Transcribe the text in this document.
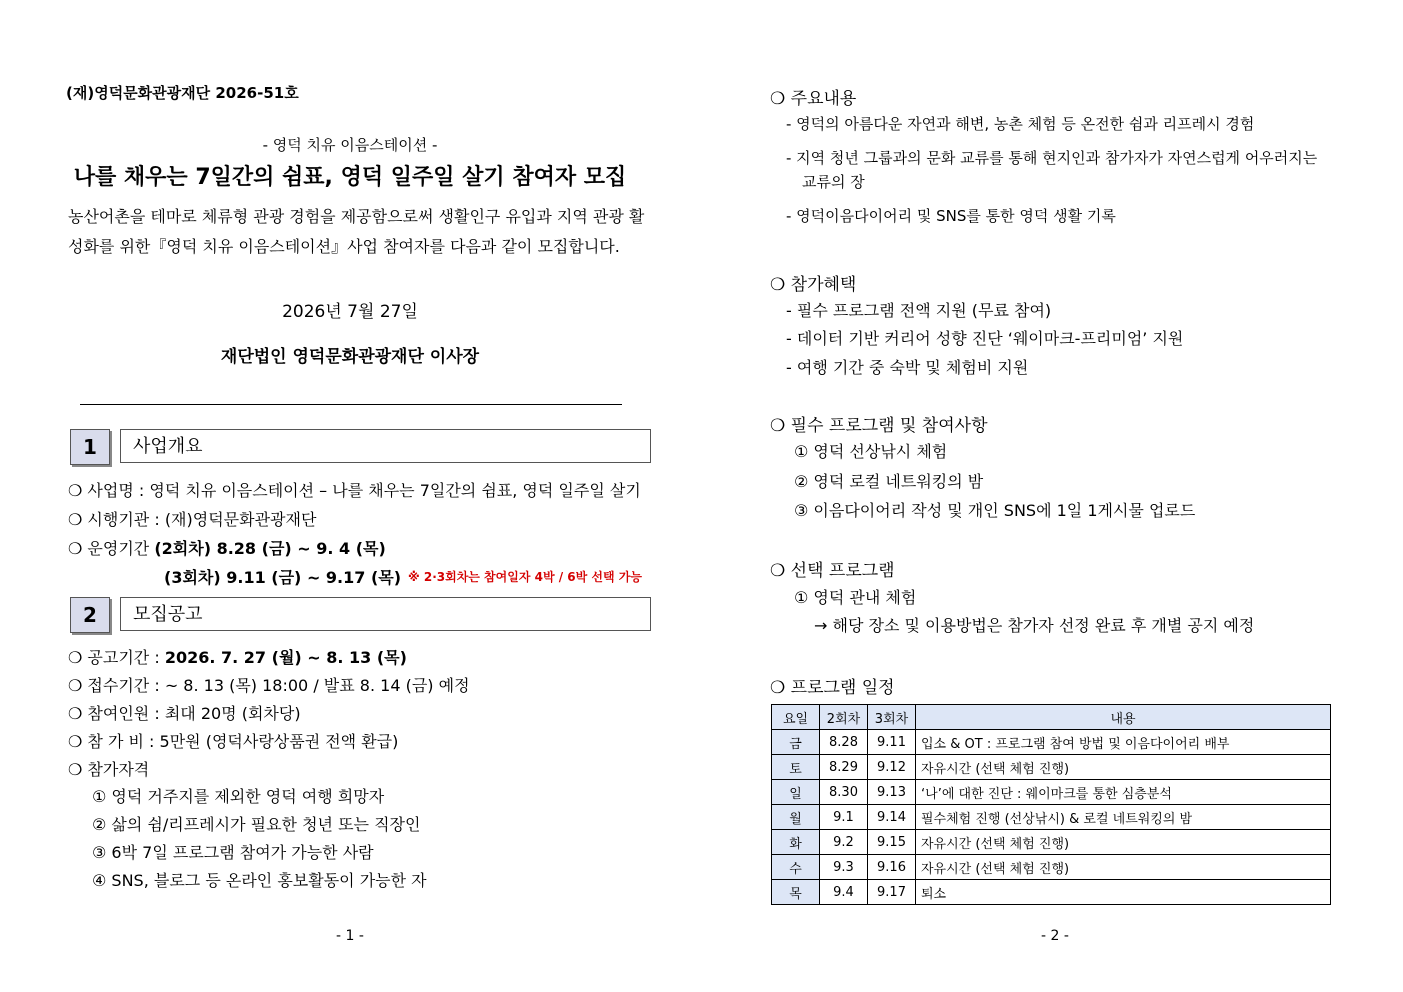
(재)영덕문화관광재단 2026-51호
- 영덕 치유 이음스테이션 -
나를 채우는 7일간의 쉼표, 영덕 일주일 살기 참여자 모집
농산어촌을 테마로 체류형 관광 경험을 제공함으로써 생활인구 유입과 지역 관광 활
성화를 위한『영덕 치유 이음스테이션』사업 참여자를 다음과 같이 모집합니다.
2026년 7월 27일
재단법인 영덕문화관광재단 이사장
1	사업개요
❍ 사업명 : 영덕 치유 이음스테이션 – 나를 채우는 7일간의 쉼표, 영덕 일주일 살기
❍ 시행기관 : (재)영덕문화관광재단
❍ 운영기간 (2회차) 8.28 (금) ~ 9. 4 (목)
(3회차) 9.11 (금) ~ 9.17 (목) ※ 2·3회차는 참여일자 4박 / 6박 선택 가능
2	모집공고
❍ 공고기간 : 2026. 7. 27 (월) ~ 8. 13 (목)
❍ 접수기간 : ~ 8. 13 (목) 18:00 / 발표 8. 14 (금) 예정
❍ 참여인원 : 최대 20명 (회차당)
❍ 참 가 비 : 5만원 (영덕사랑상품권 전액 환급)
❍ 참가자격
① 영덕 거주지를 제외한 영덕 여행 희망자
② 삶의 쉼/리프레시가 필요한 청년 또는 직장인
③ 6박 7일 프로그램 참여가 가능한 사람
④ SNS, 블로그 등 온라인 홍보활동이 가능한 자
- 1 -
❍ 주요내용
- 영덕의 아름다운 자연과 해변, 농촌 체험 등 온전한 쉼과 리프레시 경험
- 지역 청년 그룹과의 문화 교류를 통해 현지인과 참가자가 자연스럽게 어우러지는
교류의 장
- 영덕이음다이어리 및 SNS를 통한 영덕 생활 기록
❍ 참가혜택
- 필수 프로그램 전액 지원 (무료 참여)
- 데이터 기반 커리어 성향 진단 ‘웨이마크-프리미엄’ 지원
- 여행 기간 중 숙박 및 체험비 지원
❍ 필수 프로그램 및 참여사항
① 영덕 선상낚시 체험
② 영덕 로컬 네트워킹의 밤
③ 이음다이어리 작성 및 개인 SNS에 1일 1게시물 업로드
❍ 선택 프로그램
① 영덕 관내 체험
→ 해당 장소 및 이용방법은 참가자 선정 완료 후 개별 공지 예정
❍ 프로그램 일정
요일	2회차	3회차	내용
금	8.28	9.11	입소 & OT : 프로그램 참여 방법 및 이음다이어리 배부
토	8.29	9.12	자유시간 (선택 체험 진행)
일	8.30	9.13	‘나’에 대한 진단 : 웨이마크를 통한 심층분석
월	9.1	9.14	필수체험 진행 (선상낚시) & 로컬 네트워킹의 밤
화	9.2	9.15	자유시간 (선택 체험 진행)
수	9.3	9.16	자유시간 (선택 체험 진행)
목	9.4	9.17	퇴소
- 2 -
